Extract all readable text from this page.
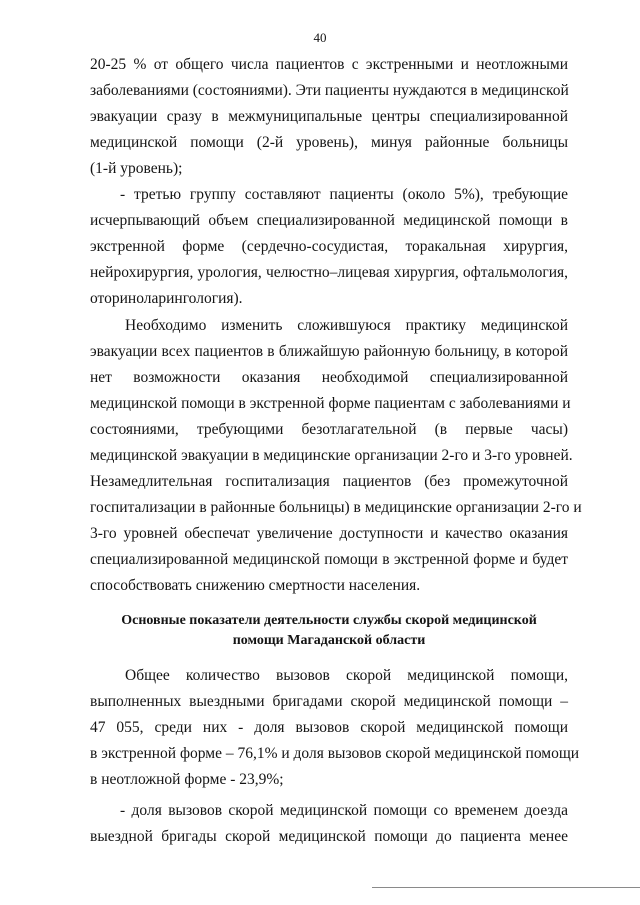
40
20-25 % от общего числа пациентов с экстренными и неотложными
заболеваниями (состояниями). Эти пациенты нуждаются в медицинской
эвакуации сразу в межмуниципальные центры специализированной
медицинской помощи (2-й уровень), минуя районные больницы
(1-й уровень);
- третью группу составляют пациенты (около 5%), требующие
исчерпывающий объем специализированной медицинской помощи в
экстренной форме (сердечно-сосудистая, торакальная хирургия,
нейрохирургия, урология, челюстно–лицевая хирургия, офтальмология,
оториноларингология).
Необходимо изменить сложившуюся практику медицинской
эвакуации всех пациентов в ближайшую районную больницу, в которой
нет возможности оказания необходимой специализированной
медицинской помощи в экстренной форме пациентам с заболеваниями и
состояниями, требующими безотлагательной (в первые часы)
медицинской эвакуации в медицинские организации 2-го и 3-го уровней.
Незамедлительная госпитализация пациентов (без промежуточной
госпитализации в районные больницы) в медицинские организации 2-го и
3-го уровней обеспечат увеличение доступности и качество оказания
специализированной медицинской помощи в экстренной форме и будет
способствовать снижению смертности населения.
Основные показатели деятельности службы скорой медицинской
помощи Магаданской области
Общее количество вызовов скорой медицинской помощи,
выполненных выездными бригадами скорой медицинской помощи –
47 055, среди них - доля вызовов скорой медицинской помощи
в экстренной форме – 76,1% и доля вызовов скорой медицинской помощи
в неотложной форме - 23,9%;
- доля вызовов скорой медицинской помощи со временем доезда
выездной бригады скорой медицинской помощи до пациента менее
